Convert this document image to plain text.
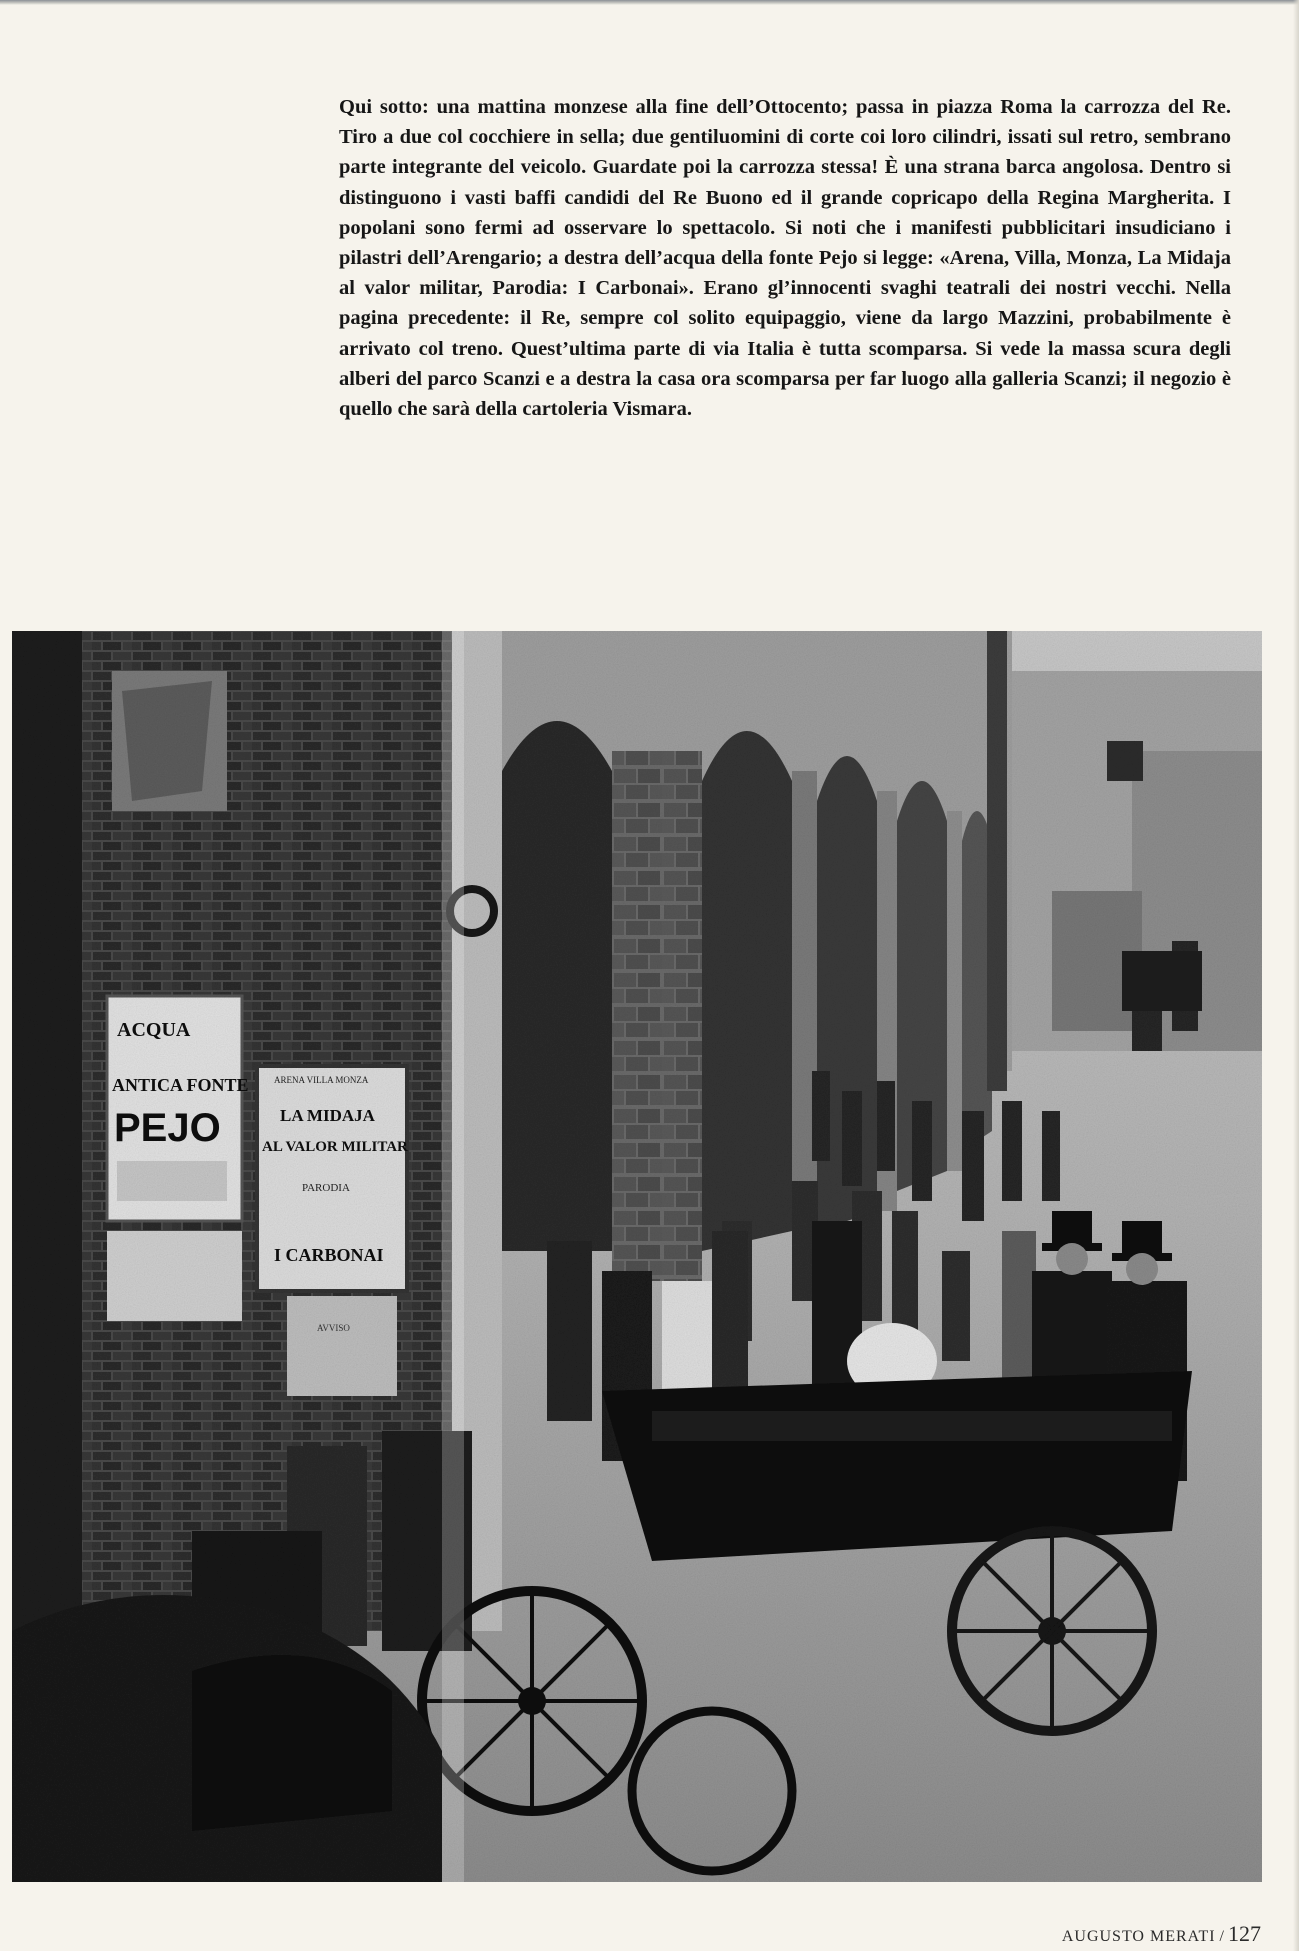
Qui sotto: una mattina monzese alla fine dell’Ottocento; passa in piazza Roma la carrozza del Re. Tiro a due col cocchiere in sella; due gentiluomini di corte coi loro cilindri, issati sul retro, sembrano parte integrante del veicolo. Guardate poi la carrozza stessa! È una strana barca angolosa. Dentro si distinguono i vasti baffi candidi del Re Buono ed il grande copricapo della Regina Margherita. I popolani sono fermi ad osservare lo spettacolo. Si noti che i manifesti pubblicitari insudiciano i pilastri dell’Arengario; a destra dell’acqua della fonte Pejo si legge: «Arena, Villa, Monza, La Midaja al valor militar, Parodia: I Carbonai». Erano gl’innocenti svaghi teatrali dei nostri vecchi. Nella pagina precedente: il Re, sempre col solito equipaggio, viene da largo Mazzini, probabilmente è arrivato col treno. Quest’ultima parte di via Italia è tutta scomparsa. Si vede la massa scura degli alberi del parco Scanzi e a destra la casa ora scomparsa per far luogo alla galleria Scanzi; il negozio è quello che sarà della cartoleria Vismara.

ACQUA
ANTICA FONTE
PEJO
ARENA VILLA MONZA
LA MIDAJA
AL VALOR MILITAR
PARODIA
I CARBONAI
AVVISO
AUGUSTO MERATI / 127
